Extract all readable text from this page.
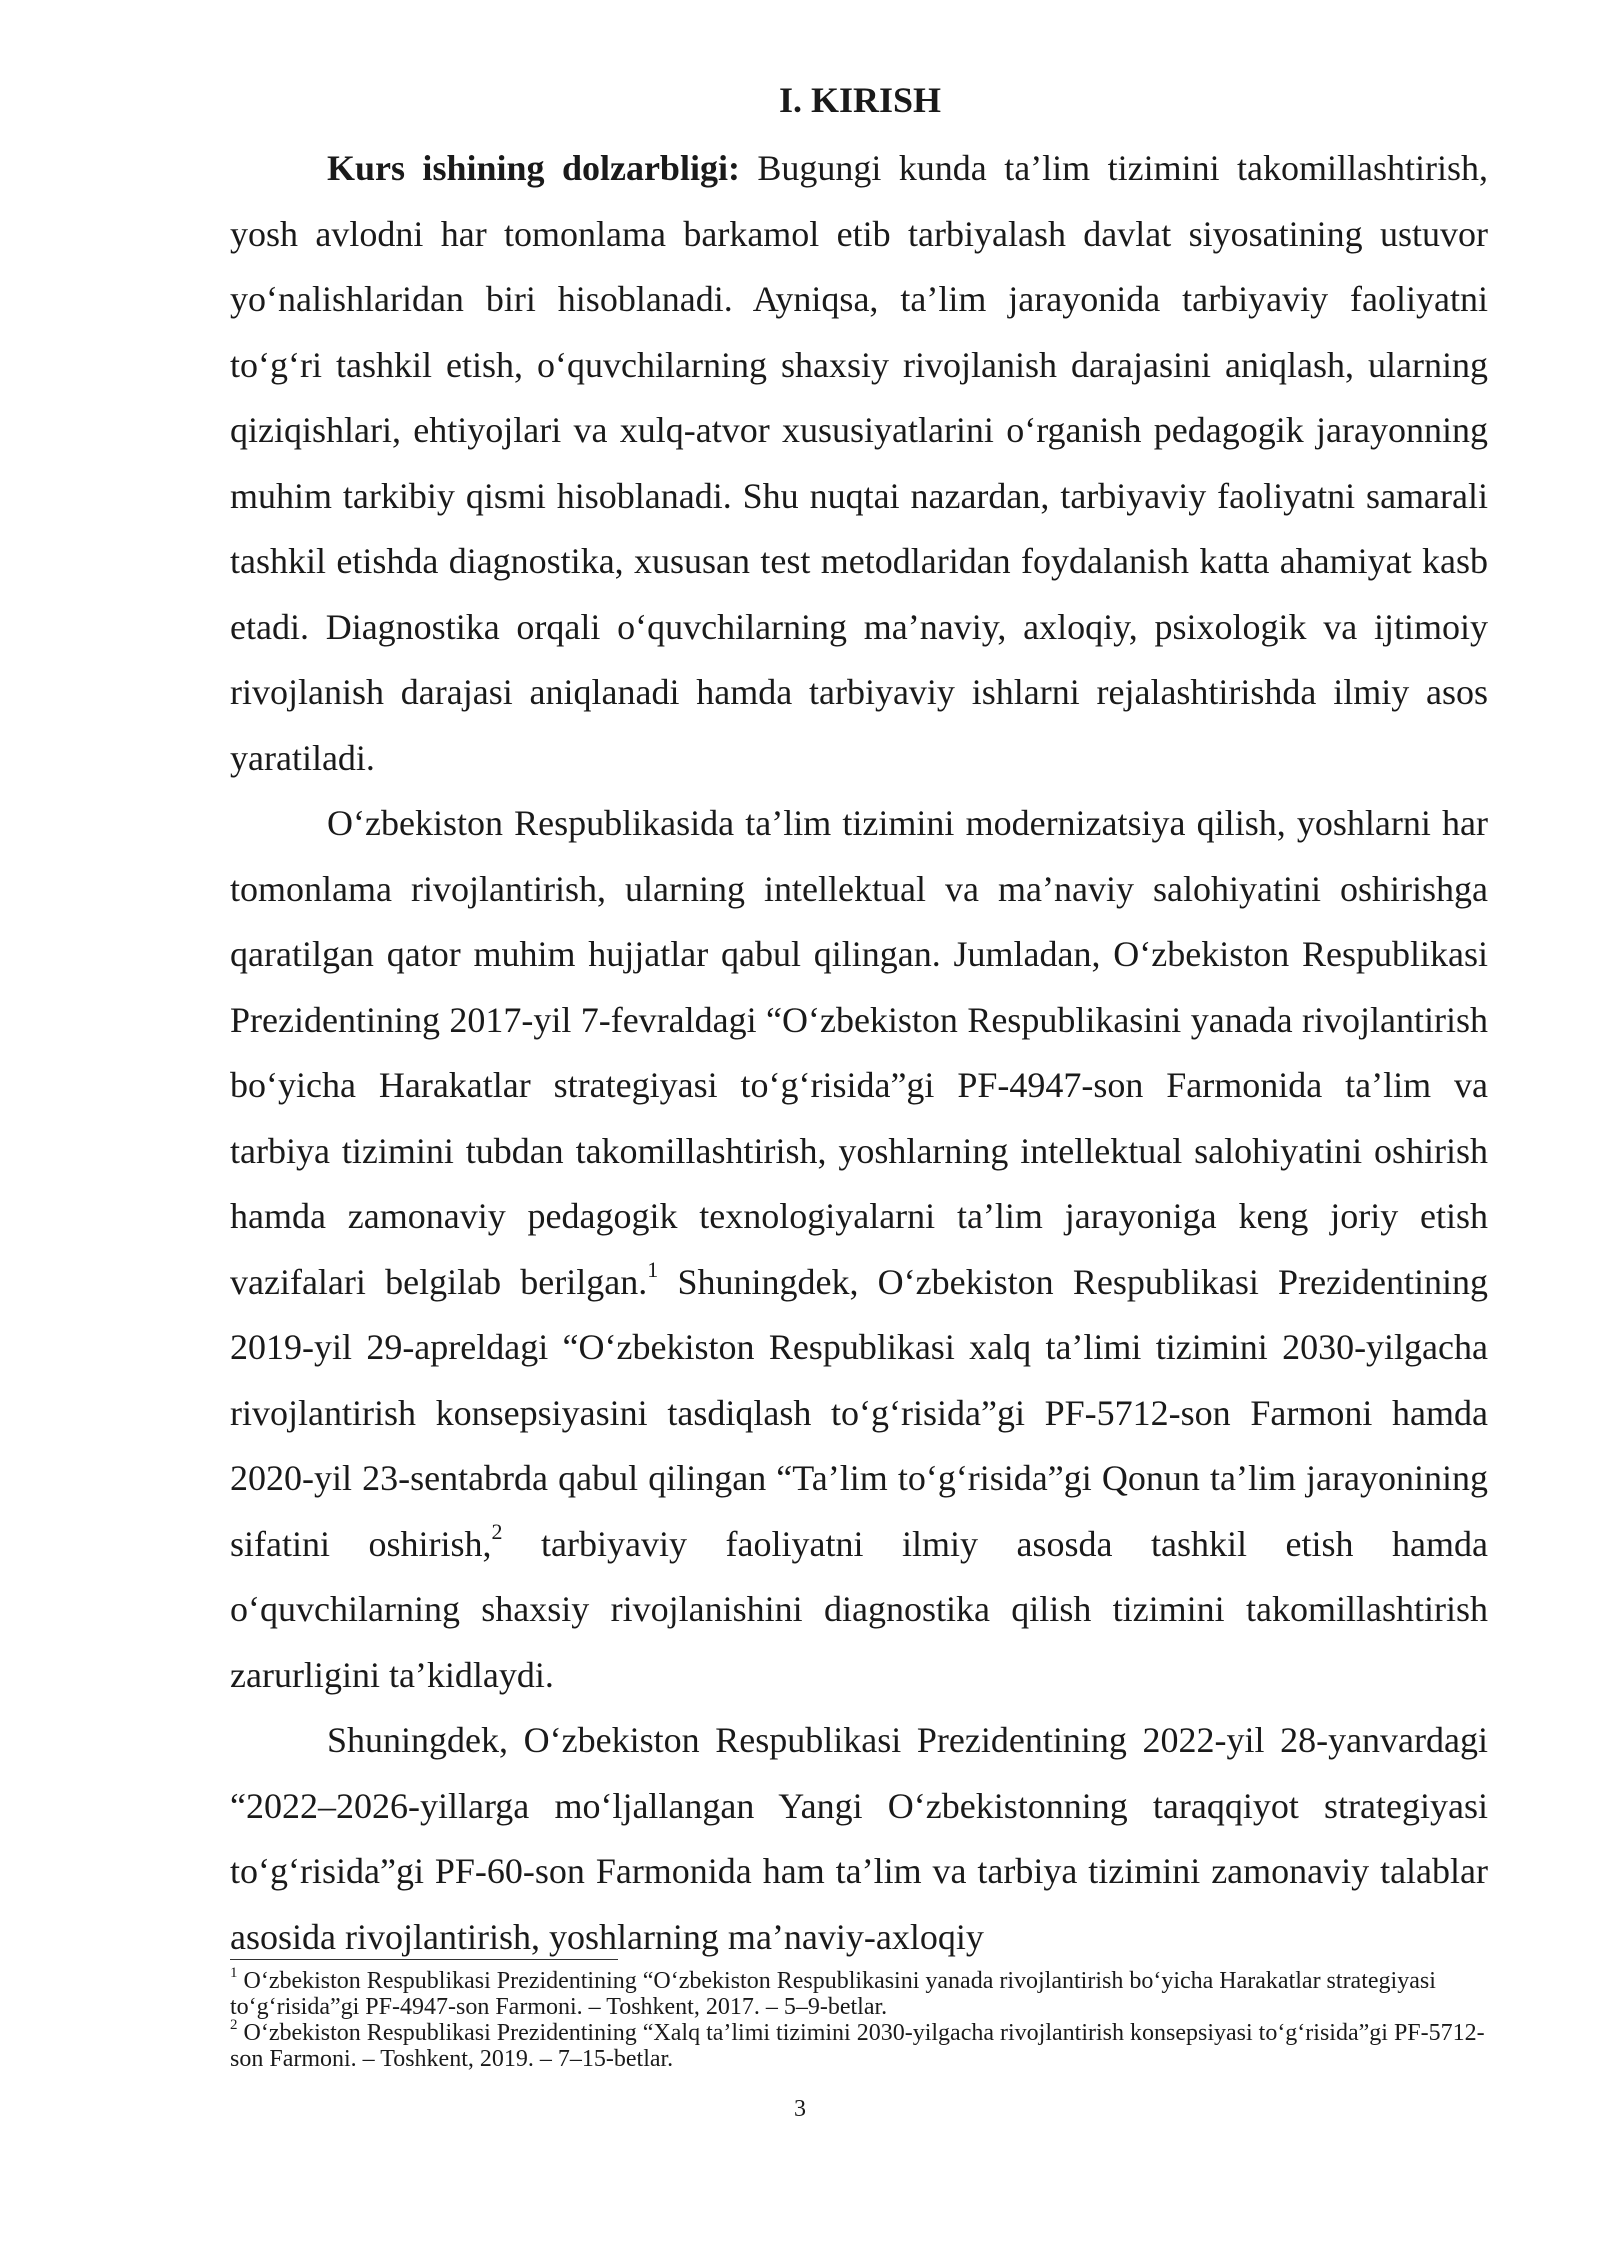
I. KIRISH

Kurs ishining dolzarbligi: Bugungi kunda ta’lim tizimini takomillashtirish, yosh avlodni har tomonlama barkamol etib tarbiyalash davlat siyosatining ustuvor yo‘nalishlaridan biri hisoblanadi. Ayniqsa, ta’lim jarayonida tarbiyaviy faoliyatni to‘g‘ri tashkil etish, o‘quvchilarning shaxsiy rivojlanish darajasini aniqlash, ularning qiziqishlari, ehtiyojlari va xulq-atvor xususiyatlarini o‘rganish pedagogik jarayonning muhim tarkibiy qismi hisoblanadi. Shu nuqtai nazardan, tarbiyaviy faoliyatni samarali tashkil etishda diagnostika, xususan test metodlaridan foydalanish katta ahamiyat kasb etadi. Diagnostika orqali o‘quvchilarning ma’naviy, axloqiy, psixologik va ijtimoiy rivojlanish darajasi aniqlanadi hamda tarbiyaviy ishlarni rejalashtirishda ilmiy asos yaratiladi.

O‘zbekiston Respublikasida ta’lim tizimini modernizatsiya qilish, yoshlarni har tomonlama rivojlantirish, ularning intellektual va ma’naviy salohiyatini oshirishga qaratilgan qator muhim hujjatlar qabul qilingan. Jumladan, O‘zbekiston Respublikasi Prezidentining 2017-yil 7-fevraldagi “O‘zbekiston Respublikasini yanada rivojlantirish bo‘yicha Harakatlar strategiyasi to‘g‘risida”gi PF-4947-son Farmonida ta’lim va tarbiya tizimini tubdan takomillashtirish, yoshlarning intellektual salohiyatini oshirish hamda zamonaviy pedagogik texnologiyalarni ta’lim jarayoniga keng joriy etish vazifalari belgilab berilgan.$^1$ Shuningdek, O‘zbekiston Respublikasi Prezidentining 2019-yil 29-apreldagi “O‘zbekiston Respublikasi xalq ta’limi tizimini 2030-yilgacha rivojlantirish konsepsiyasini tasdiqlash to‘g‘risida”gi PF-5712-son Farmoni hamda 2020-yil 23-sentabrda qabul qilingan “Ta’lim to‘g‘risida”gi Qonun ta’lim jarayonining sifatini oshirish,$^2$ tarbiyaviy faoliyatni ilmiy asosda tashkil etish hamda o‘quvchilarning shaxsiy rivojlanishini diagnostika qilish tizimini takomillashtirish zarurligini ta’kidlaydi.

Shuningdek, O‘zbekiston Respublikasi Prezidentining 2022-yil 28-yanvardagi “2022–2026-yillarga mo‘ljallangan Yangi O‘zbekistonning taraqqiyot strategiyasi to‘g‘risida”gi PF-60-son Farmonida ham ta’lim va tarbiya tizimini zamonaviy talablar asosida rivojlantirish, yoshlarning ma’naviy-axloqiy

$^1$ O‘zbekiston Respublikasi Prezidentining “O‘zbekiston Respublikasini yanada rivojlantirish bo‘yicha Harakatlar strategiyasi to‘g‘risida”gi PF-4947-son Farmoni. – Toshkent, 2017. – 5–9-betlar.

$^2$ O‘zbekiston Respublikasi Prezidentining “Xalq ta’limi tizimini 2030-yilgacha rivojlantirish konsepsiyasi to‘g‘risida”gi PF-5712-son Farmoni. – Toshkent, 2019. – 7–15-betlar.

3
